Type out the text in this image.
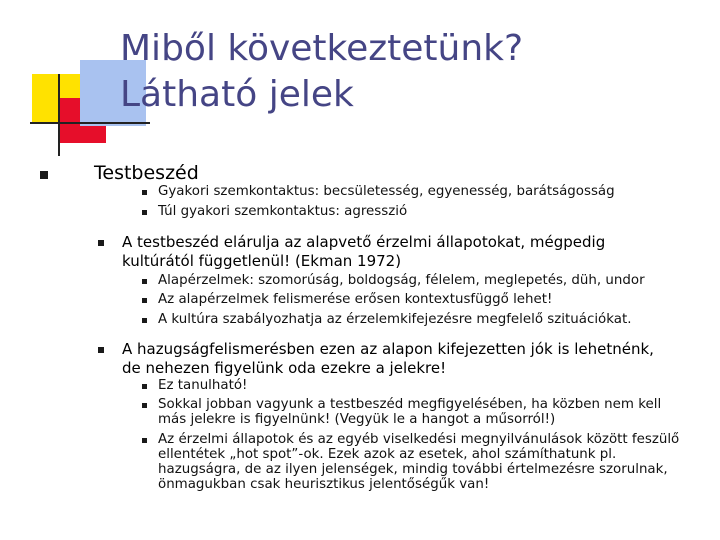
Miből következtetünk?
Látható jelek
Testbeszéd
Gyakori szemkontaktus: becsületesség, egyenesség, barátságosság
Túl gyakori szemkontaktus: agresszió
A testbeszéd elárulja az alapvető érzelmi állapotokat, mégpedig
kultúrától függetlenül! (Ekman 1972)
Alapérzelmek: szomorúság, boldogság, félelem, meglepetés, düh, undor
Az alapérzelmek felismerése erősen kontextusfüggő lehet!
A kultúra szabályozhatja az érzelemkifejezésre megfelelő szituációkat.
A hazugságfelismerésben ezen az alapon kifejezetten jók is lehetnénk,
de nehezen figyelünk oda ezekre a jelekre!
Ez tanulható!
Sokkal jobban vagyunk a testbeszéd megfigyelésében, ha közben nem kell
más jelekre is figyelnünk! (Vegyük le a hangot a műsorról!)
Az érzelmi állapotok és az egyéb viselkedési megnyilvánulások között feszülő
ellentétek „hot spot”-ok. Ezek azok az esetek, ahol számíthatunk pl.
hazugságra, de az ilyen jelenségek, mindig további értelmezésre szorulnak,
önmagukban csak heurisztikus jelentőségűk van!
